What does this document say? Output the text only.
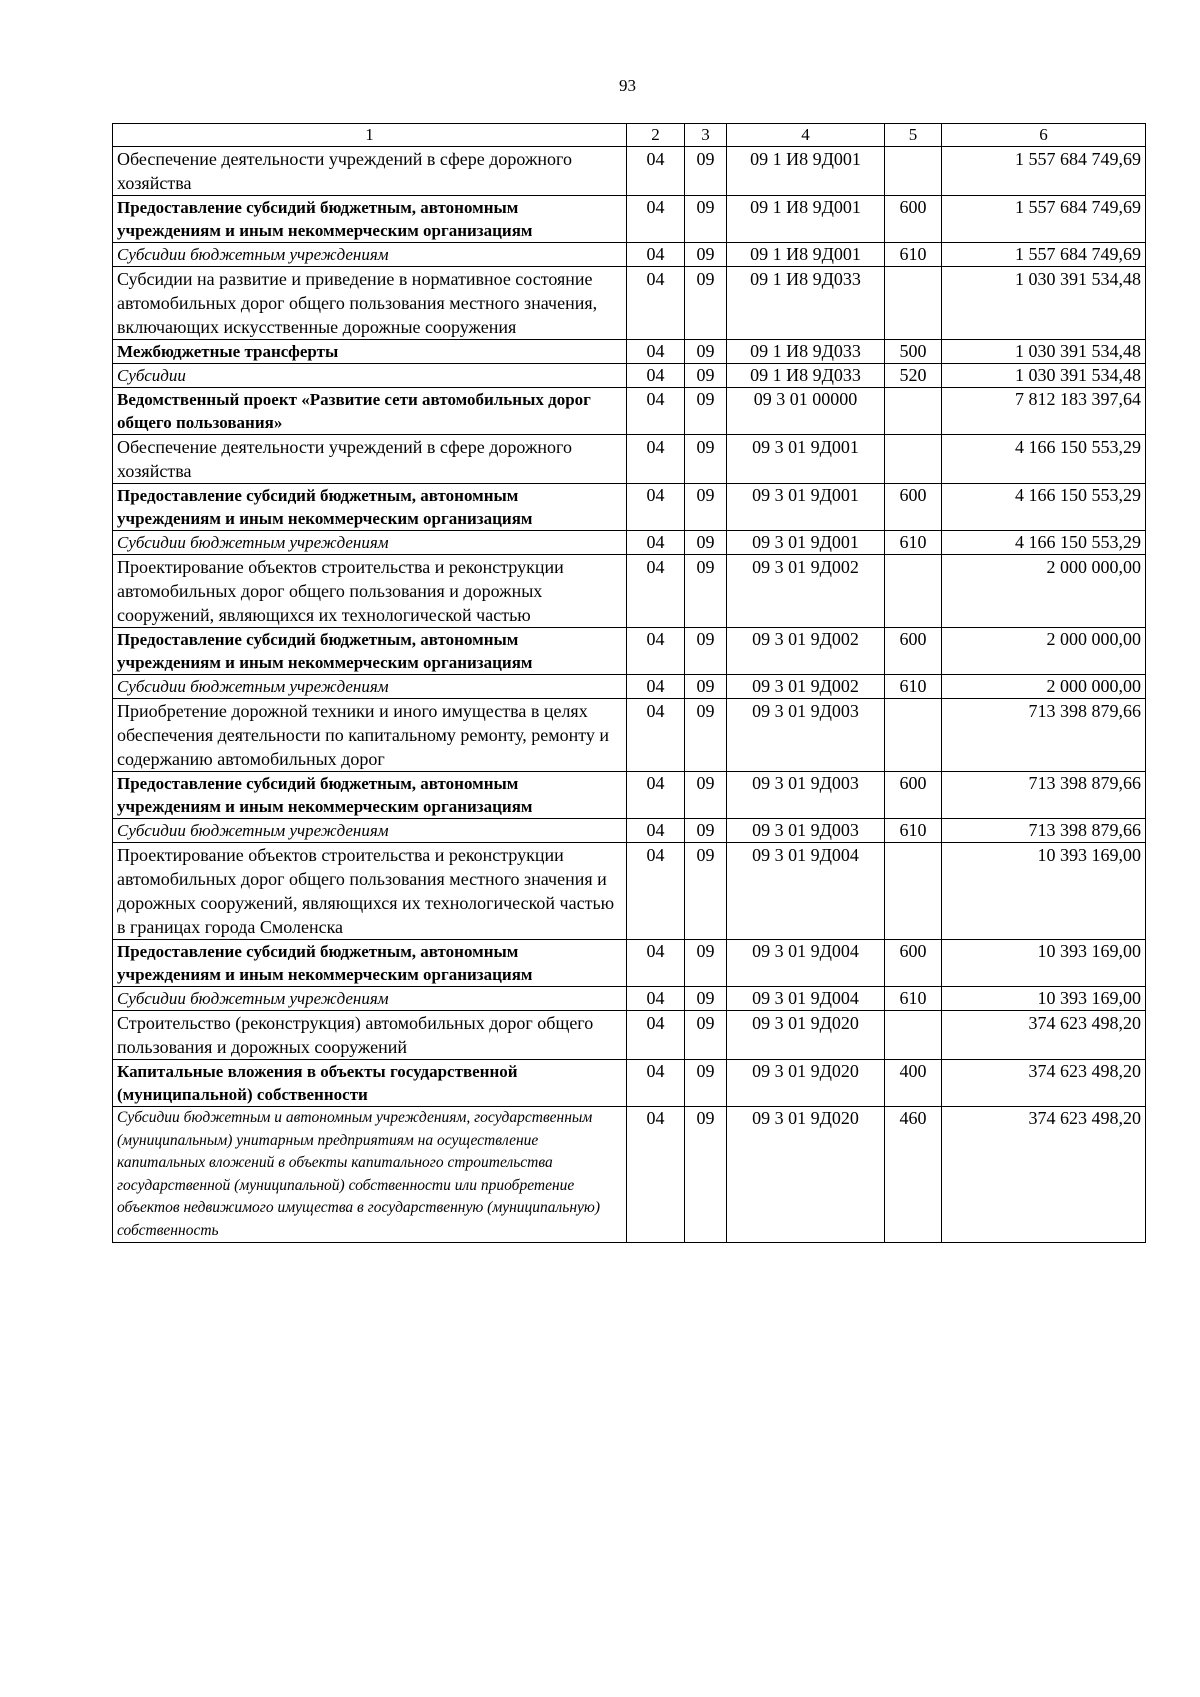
93
1	2	3	4	5	6
Обеспечение деятельности учреждений в сфере дорожного хозяйства	04	09	09 1 И8 9Д001		1 557 684 749,69
Предоставление субсидий бюджетным, автономным учреждениям и иным некоммерческим организациям	04	09	09 1 И8 9Д001	600	1 557 684 749,69
Субсидии бюджетным учреждениям	04	09	09 1 И8 9Д001	610	1 557 684 749,69
Субсидии на развитие и приведение в нормативное состояние автомобильных дорог общего пользования местного значения, включающих искусственные дорожные сооружения	04	09	09 1 И8 9Д033		1 030 391 534,48
Межбюджетные трансферты	04	09	09 1 И8 9Д033	500	1 030 391 534,48
Субсидии	04	09	09 1 И8 9Д033	520	1 030 391 534,48
Ведомственный проект «Развитие сети автомобильных дорог общего пользования»	04	09	09 3 01 00000		7 812 183 397,64
Обеспечение деятельности учреждений в сфере дорожного хозяйства	04	09	09 3 01 9Д001		4 166 150 553,29
Предоставление субсидий бюджетным, автономным учреждениям и иным некоммерческим организациям	04	09	09 3 01 9Д001	600	4 166 150 553,29
Субсидии бюджетным учреждениям	04	09	09 3 01 9Д001	610	4 166 150 553,29
Проектирование объектов строительства и реконструкции автомобильных дорог общего пользования и дорожных сооружений, являющихся их технологической частью	04	09	09 3 01 9Д002		2 000 000,00
Предоставление субсидий бюджетным, автономным учреждениям и иным некоммерческим организациям	04	09	09 3 01 9Д002	600	2 000 000,00
Субсидии бюджетным учреждениям	04	09	09 3 01 9Д002	610	2 000 000,00
Приобретение дорожной техники и иного имущества в целях обеспечения деятельности по капитальному ремонту, ремонту и содержанию автомобильных дорог	04	09	09 3 01 9Д003		713 398 879,66
Предоставление субсидий бюджетным, автономным учреждениям и иным некоммерческим организациям	04	09	09 3 01 9Д003	600	713 398 879,66
Субсидии бюджетным учреждениям	04	09	09 3 01 9Д003	610	713 398 879,66
Проектирование объектов строительства и реконструкции автомобильных дорог общего пользования местного значения и дорожных сооружений, являющихся их технологической частью в границах города Смоленска	04	09	09 3 01 9Д004		10 393 169,00
Предоставление субсидий бюджетным, автономным учреждениям и иным некоммерческим организациям	04	09	09 3 01 9Д004	600	10 393 169,00
Субсидии бюджетным учреждениям	04	09	09 3 01 9Д004	610	10 393 169,00
Строительство (реконструкция) автомобильных дорог общего пользования и дорожных сооружений	04	09	09 3 01 9Д020		374 623 498,20
Капитальные вложения в объекты государственной (муниципальной) собственности	04	09	09 3 01 9Д020	400	374 623 498,20
Субсидии бюджетным и автономным учреждениям, государственным (муниципальным) унитарным предприятиям на осуществление капитальных вложений в объекты капитального строительства государственной (муниципальной) собственности или приобретение объектов недвижимого имущества в государственную (муниципальную) собственность	04	09	09 3 01 9Д020	460	374 623 498,20
